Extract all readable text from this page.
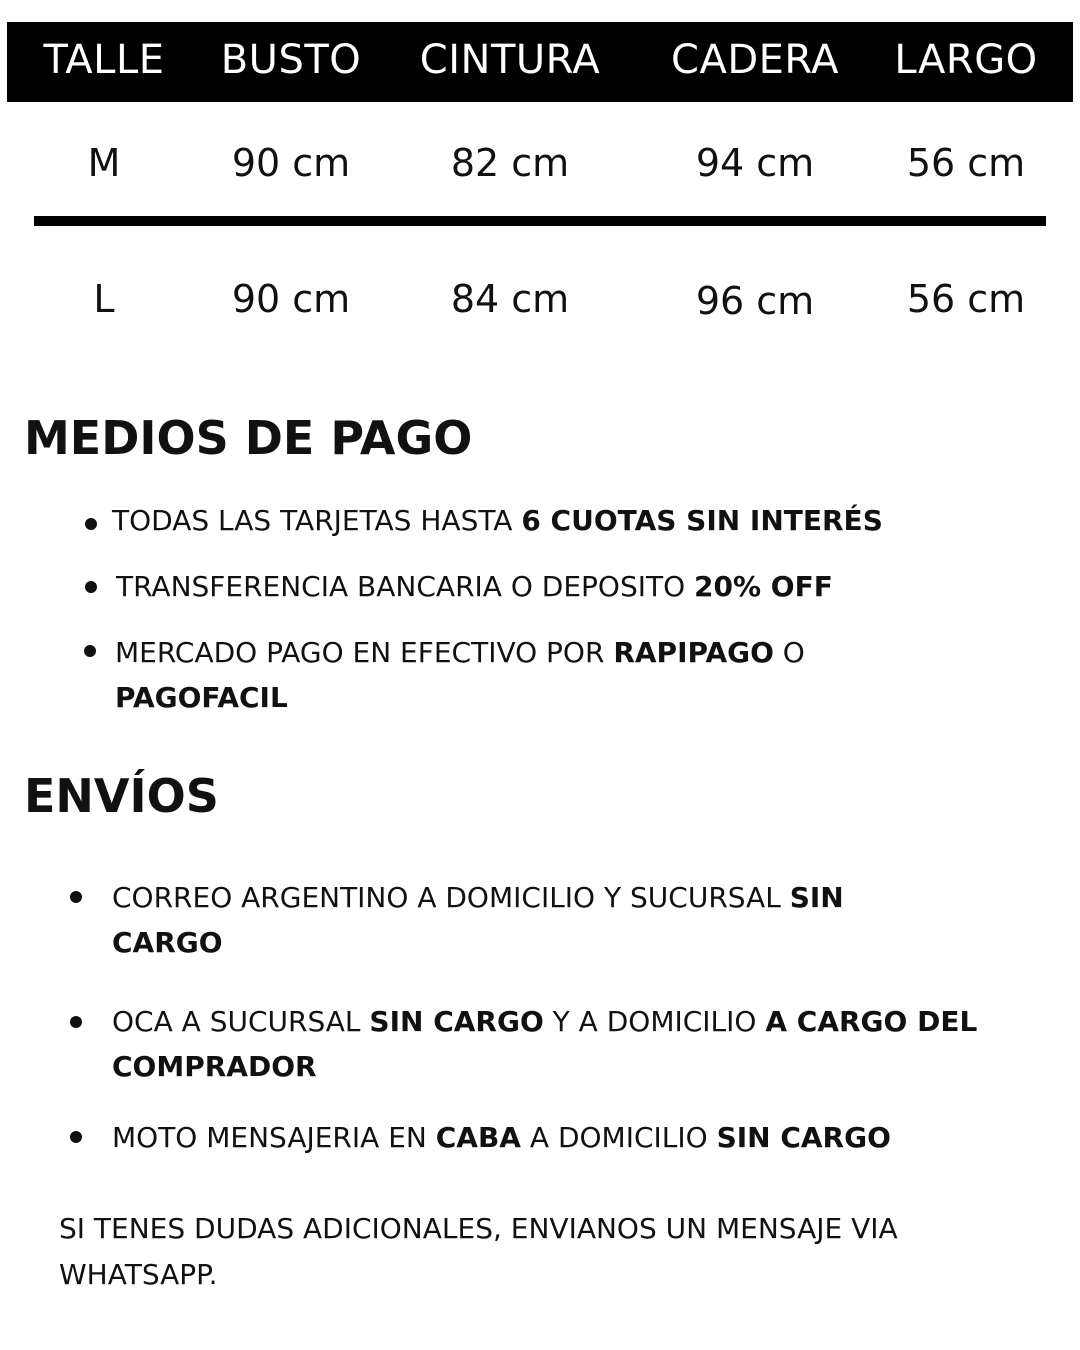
TALLE BUSTO CINTURA CADERA LARGO
M	90 cm	82 cm	94 cm 56 cm
L	90 cm	84 cm	96 cm 56 cm
MEDIOS DE PAGO
TODAS LAS TARJETAS HASTA 6 CUOTAS SIN INTERÉS
TRANSFERENCIA BANCARIA O DEPOSITO 20% OFF
MERCADO PAGO EN EFECTIVO POR RAPIPAGO O PAGOFACIL
ENVÍOS
CORREO ARGENTINO A DOMICILIO Y SUCURSAL SIN CARGO
OCA A SUCURSAL SIN CARGO Y A DOMICILIO A CARGO DEL COMPRADOR
MOTO MENSAJERIA EN CABA A DOMICILIO SIN CARGO
SI TENES DUDAS ADICIONALES, ENVIANOS UN MENSAJE VIA WHATSAPP.
